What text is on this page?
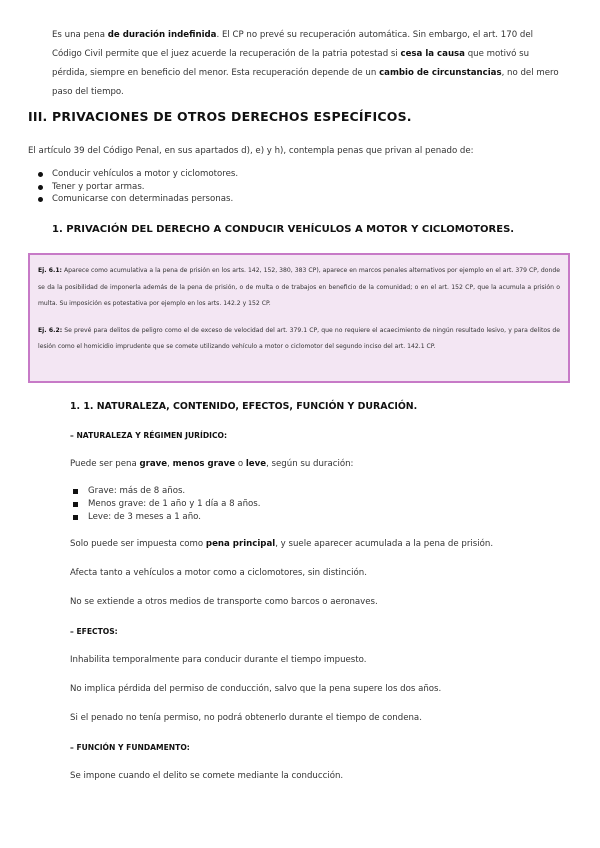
Es una pena de duración indefinida. El CP no prevé su recuperación automática. Sin embargo, el art. 170 del Código Civil permite que el juez acuerde la recuperación de la patria potestad si cesa la causa que motivó su pérdida, siempre en beneficio del menor. Esta recuperación depende de un cambio de circunstancias, no del mero paso del tiempo.
III. PRIVACIONES DE OTROS DERECHOS ESPECÍFICOS.
El artículo 39 del Código Penal, en sus apartados d), e) y h), contempla penas que privan al penado de:
Conducir vehículos a motor y ciclomotores.
Tener y portar armas.
Comunicarse con determinadas personas.
1. PRIVACIÓN DEL DERECHO A CONDUCIR VEHÍCULOS A MOTOR Y CICLOMOTORES.

Ej. 6.1: Aparece como acumulativa a la pena de prisión en los arts. 142, 152, 380, 383 CP), aparece en marcos penales alternativos por ejemplo en el art. 379 CP, donde se da la posibilidad de imponerla además de la pena de prisión, o de multa o de trabajos en beneficio de la comunidad; o en el art. 152 CP, que la acumula a prisión o multa. Su imposición es potestativa por ejemplo en los arts. 142.2 y 152 CP.

Ej. 6.2: Se prevé para delitos de peligro como el de exceso de velocidad del art. 379.1 CP, que no requiere el acaecimiento de ningún resultado lesivo, y para delitos de lesión como el homicidio imprudente que se comete utilizando vehículo a motor o ciclomotor del segundo inciso del art. 142.1 CP.

1. 1. NATURALEZA, CONTENIDO, EFECTOS, FUNCIÓN Y DURACIÓN.
– NATURALEZA Y RÉGIMEN JURÍDICO:
Puede ser pena grave, menos grave o leve, según su duración:
Grave: más de 8 años.
Menos grave: de 1 año y 1 día a 8 años.
Leve: de 3 meses a 1 año.
Solo puede ser impuesta como pena principal, y suele aparecer acumulada a la pena de prisión.
Afecta tanto a vehículos a motor como a ciclomotores, sin distinción.
No se extiende a otros medios de transporte como barcos o aeronaves.
– EFECTOS:
Inhabilita temporalmente para conducir durante el tiempo impuesto.
No implica pérdida del permiso de conducción, salvo que la pena supere los dos años.
Si el penado no tenía permiso, no podrá obtenerlo durante el tiempo de condena.
– FUNCIÓN Y FUNDAMENTO:
Se impone cuando el delito se comete mediante la conducción.
